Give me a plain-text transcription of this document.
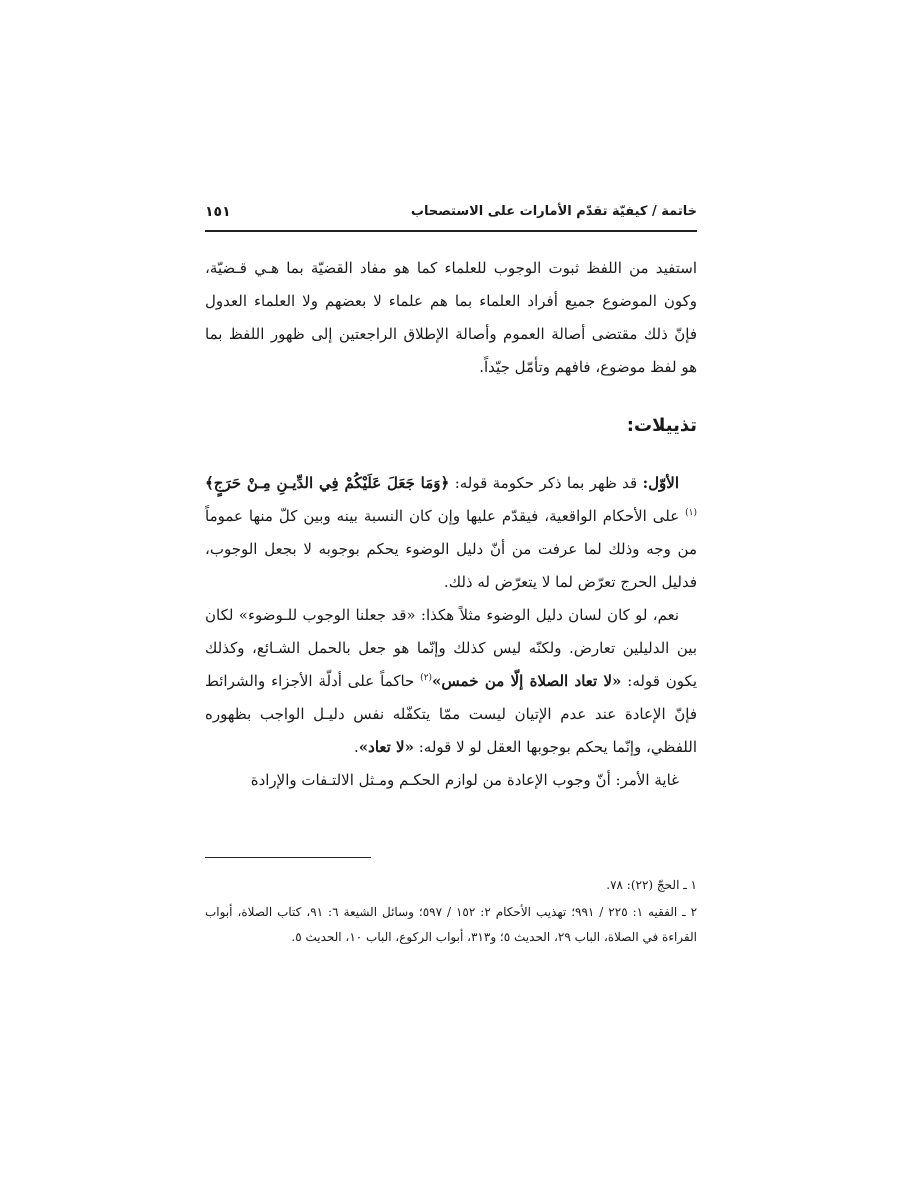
خاتمة / كيفيّة تقدّم الأمارات على الاستصحاب
١٥١

استفيد من اللفظ ثبوت الوجوب للعلماء كما هو مفاد القضيّة بما هـي قـضيّة، وكون الموضوع جميع أفراد العلماء بما هم علماء لا بعضهم ولا العلماء العدول فإنّ ذلك مقتضى أصالة العموم وأصالة الإطلاق الراجعتين إلى ظهور اللفظ بما هو لفظ موضوع، فافهم وتأمّل جيّداً.

تذييلات:

الأوّل: قد ظهر بما ذكر حكومة قوله: ﴿وَمَا جَعَلَ عَلَيْكُمْ فِي الدِّيـنِ مِـنْ حَرَجٍ﴾$^{(١)}$ على الأحكام الواقعية، فيقدّم عليها وإن كان النسبة بينه وبين كلّ منها عموماً من وجه وذلك لما عرفت من أنّ دليل الوضوء يحكم بوجوبه لا بجعل الوجوب، فدليل الحرج تعرّض لما لا يتعرّض له ذلك.

نعم، لو كان لسان دليل الوضوء مثلاً هكذا: «قد جعلنا الوجوب للـوضوء» لكان بين الدليلين تعارض. ولكنّه ليس كذلك وإنّما هو جعل بالحمل الشـائع، وكذلك يكون قوله: «لا تعاد الصلاة إلّا من خمس»$^{(٢)}$ حاكماً على أدلّة الأجزاء والشرائط فإنّ الإعادة عند عدم الإتيان ليست ممّا يتكفّله نفس دليـل الواجب بظهوره اللفظي، وإنّما يحكم بوجوبها العقل لو لا قوله: «لا تعاد».

غاية الأمر: أنّ وجوب الإعادة من لوازم الحكـم ومـثل الالتـفات والإرادة

١ ـ الحجّ (٢٢): ٧٨.

٢ ـ الفقيه ١: ٢٢٥ / ٩٩١؛ تهذيب الأحكام ٢: ١٥٢ / ٥٩٧؛ وسائل الشيعة ٦: ٩١، كتاب الصلاة، أبواب القراءة في الصلاة، الباب ٢٩، الحديث ٥؛ و٣١٣، أبواب الركوع، الباب ١٠، الحديث ٥.
